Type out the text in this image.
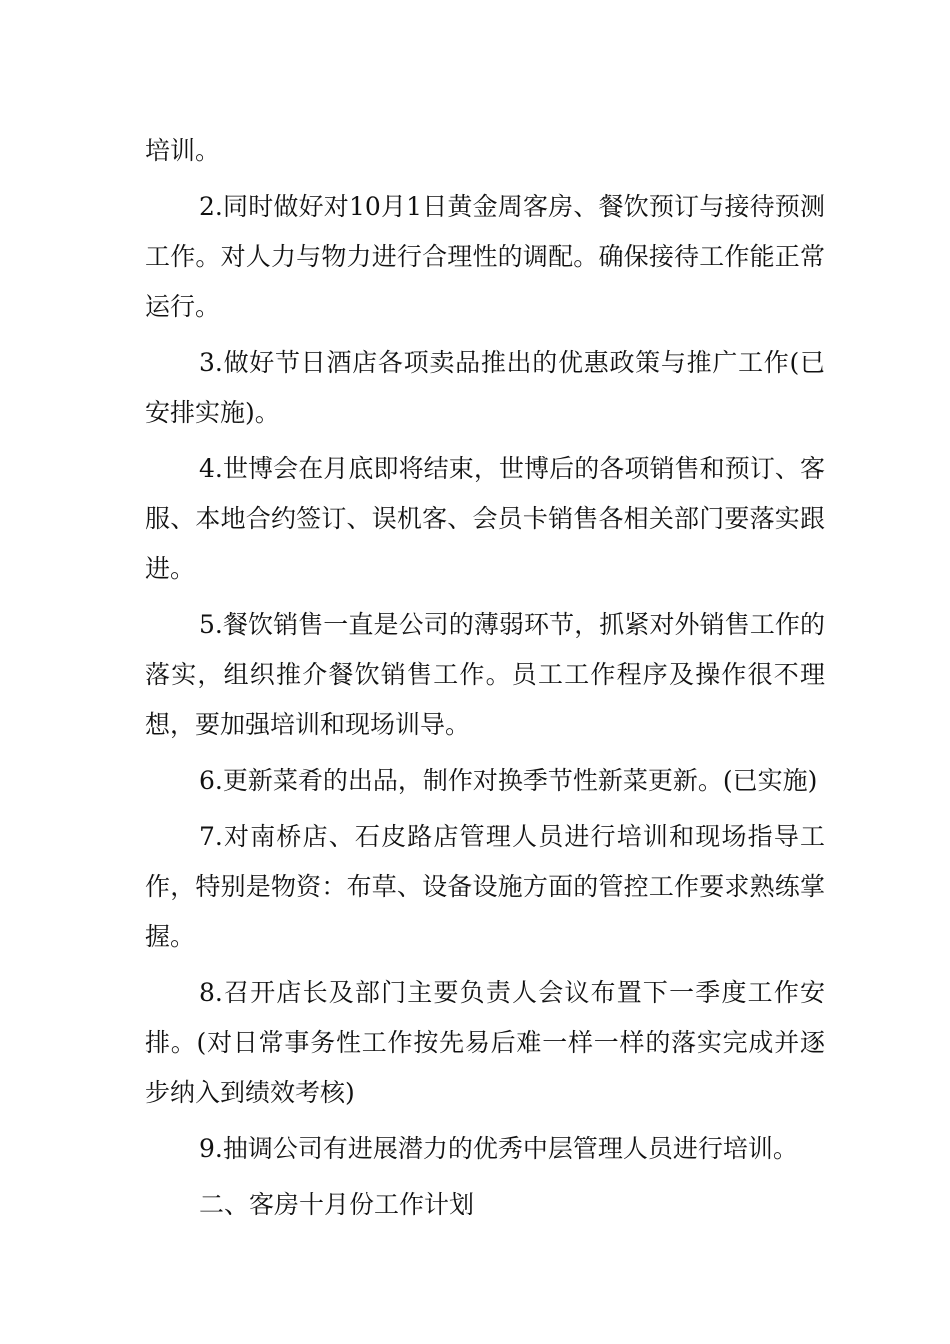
培训。

2.同时做好对10月1日黄金周客房、餐饮预订与接待预测工作。对人力与物力进行合理性的调配。确保接待工作能正常运行。

3.做好节日酒店各项卖品推出的优惠政策与推广工作(已安排实施)。

4.世博会在月底即将结束，世博后的各项销售和预订、客服、本地合约签订、误机客、会员卡销售各相关部门要落实跟进。

5.餐饮销售一直是公司的薄弱环节，抓紧对外销售工作的落实，组织推介餐饮销售工作。员工工作程序及操作很不理想，要加强培训和现场训导。

6.更新菜肴的出品，制作对换季节性新菜更新。(已实施)

7.对南桥店、石皮路店管理人员进行培训和现场指导工作，特别是物资：布草、设备设施方面的管控工作要求熟练掌握。

8.召开店长及部门主要负责人会议布置下一季度工作安排。(对日常事务性工作按先易后难一样一样的落实完成并逐步纳入到绩效考核)

9.抽调公司有进展潜力的优秀中层管理人员进行培训。

二、客房十月份工作计划
